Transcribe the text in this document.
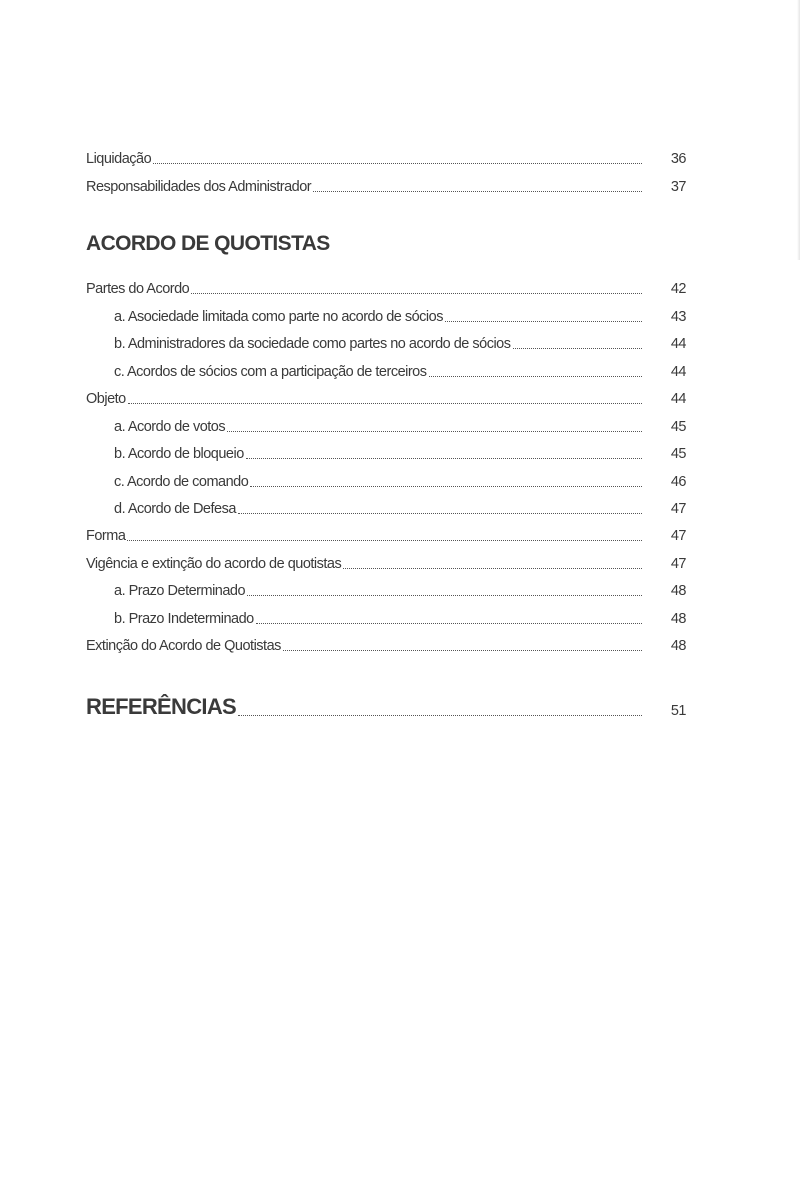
Liquidação	36
Responsabilidades dos Administrador	37
ACORDO DE QUOTISTAS
Partes do Acordo	42
a. Asociedade limitada como parte no acordo de sócios	43
b. Administradores da sociedade como partes no acordo de sócios	44
c. Acordos de sócios com a participação de terceiros	44
Objeto	44
a. Acordo de votos	45
b. Acordo de bloqueio	45
c. Acordo de comando	46
d. Acordo de Defesa	47
Forma	47
Vigência e extinção do acordo de quotistas	47
a. Prazo Determinado	48
b. Prazo Indeterminado	48
Extinção do Acordo de Quotistas	48
REFERÊNCIAS	51
